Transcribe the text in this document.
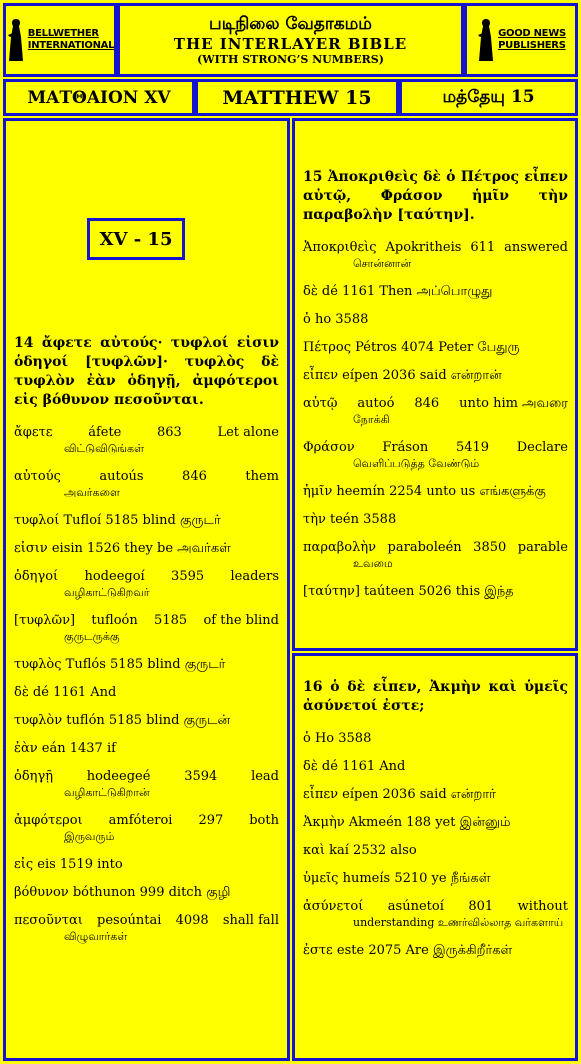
BELLWETHER
INTERNATIONAL
படிநிலை வேதாகமம்
THE INTERLAYER BIBLE
(WITH STRONG’S NUMBERS)
GOOD NEWS
PUBLISHERS
ΜΑΤΘΑΙΟΝ XV	MATTHEW 15	மத்தேயு 15
XV - 15
14 ἄφετε αὐτούς· τυφλοί εἰσιν ὁδηγοί [τυφλῶν]· τυφλὸς δὲ τυφλὸν ἐὰν ὁδηγῇ, ἀμφότεροι εἰς βόθυνον πεσοῦνται.
ἄφετε	áfete	863	Let alone
விட்டுவிடுங்கள்
αὐτούς	autoús	846	them
அவர்களை
τυφλοί Tufloí 5185 blind குருடர்
εἰσιν eisin 1526 they be அவர்கள்
ὁδηγοί hodeegoí 3595 leaders
வழிகாட்டுகிறவர்
[τυφλῶν] tufloón 5185 of the blind
குருடருக்கு
τυφλὸς Tuflós 5185 blind குருடர்
δὲ dé 1161 And
τυφλὸν tuflón 5185 blind குருடன்
ἐὰν eán 1437 if
ὁδηγῇ	hodeegeé	3594	lead
வழிகாட்டுகிறான்
ἀμφότεροι amfóteroi 297 both
இருவரும்
εἰς eis 1519 into
βόθυνον bóthunon 999 ditch குழி
πεσοῦνται pesoúntai 4098 shall fall
விழுவார்கள்
15 Ἀποκριθεὶς δὲ ὁ Πέτρος εἶπεν αὐτῷ, Φράσον ἡμῖν τὴν παραβολὴν [ταύτην].
Ἀποκριθεὶς Apokritheis 611 answered
சொன்னான்
δὲ dé 1161 Then அப்பொழுது
ὁ ho 3588
Πέτρος Pétros 4074 Peter பேதுரு
εἶπεν eípen 2036 said என்றான்
αὐτῷ autoó 846 unto him அவரை
நோக்கி
Φράσον Fráson 5419 Declare
வெளிப்படுத்த வேண்டும்
ἡμῖν heemín 2254 unto us எங்களுக்கு
τὴν teén 3588
παραβολὴν paraboleén 3850 parable
உவமை
[ταύτην] taúteen 5026 this இந்த
16 ὁ δὲ εἶπεν, Ἀκμὴν καὶ ὑμεῖς ἀσύνετοί ἐστε;
ὁ Ho 3588
δὲ dé 1161 And
εἶπεν eípen 2036 said என்றார்
Ἀκμὴν Akmeén 188 yet இன்னும்
καὶ kaí 2532 also
ὑμεῖς humeís 5210 ye நீங்கள்
ἀσύνετοί asúnetoí 801 without
understanding உணர்வில்லாத வர்களாய்
ἐστε este 2075 Are இருக்கிறீர்கள்
